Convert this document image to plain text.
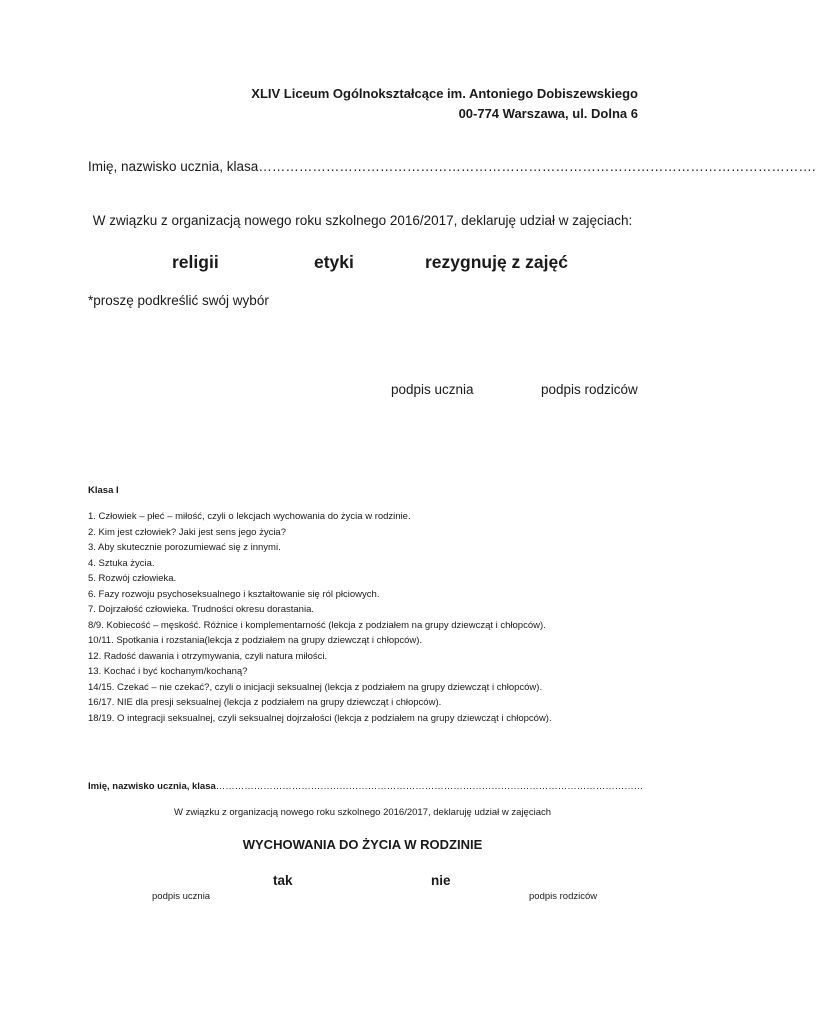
XLIV Liceum Ogólnokształcące im. Antoniego Dobiszewskiego
00-774 Warszawa, ul. Dolna 6
Imię, nazwisko ucznia, klasa…………………………………………………………………………………………………………….
W związku z organizacją nowego roku szkolnego 2016/2017, deklaruję udział w zajęciach:
religii	etyki	rezygnuję z zajęć
*proszę podkreślić swój wybór
podpis ucznia	podpis rodziców
Klasa I
1. Człowiek – płeć – miłość, czyli o lekcjach wychowania do życia w rodzinie.
2. Kim jest człowiek? Jaki jest sens jego życia?
3. Aby skutecznie porozumiewać się z innymi.
4. Sztuka życia.
5. Rozwój człowieka.
6. Fazy rozwoju psychoseksualnego i kształtowanie się ról płciowych.
7. Dojrzałość człowieka. Trudności okresu dorastania.
8/9. Kobiecość – męskość. Różnice i komplementarność (lekcja z podziałem na grupy dziewcząt i chłopców).
10/11. Spotkania i rozstania(lekcja z podziałem na grupy dziewcząt i chłopców).
12. Radość dawania i otrzymywania, czyli natura miłości.
13. Kochać i być kochanym/kochaną?
14/15. Czekać – nie czekać?, czyli o inicjacji seksualnej (lekcja z podziałem na grupy dziewcząt i chłopców).
16/17. NIE dla presji seksualnej (lekcja z podziałem na grupy dziewcząt i chłopców).
18/19. O integracji seksualnej, czyli seksualnej dojrzałości (lekcja z podziałem na grupy dziewcząt i chłopców).
Imię, nazwisko ucznia, klasa………………………………………………………………………………………………………………………
W związku z organizacją nowego roku szkolnego 2016/2017, deklaruję udział w zajęciach
WYCHOWANIA DO ŻYCIA W RODZINIE
tak	nie
podpis ucznia	podpis rodziców
